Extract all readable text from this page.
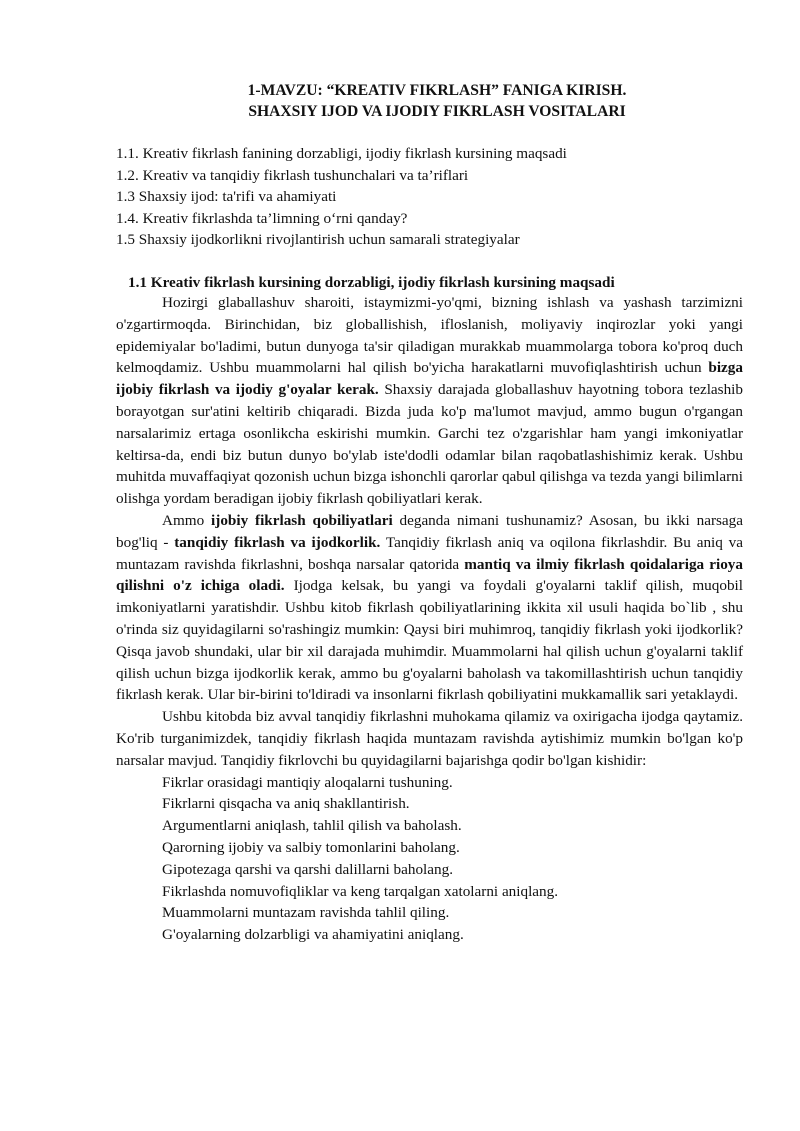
1-MAVZU: “KREATIV FIKRLASH” FANIGA KIRISH.
SHAXSIY IJOD VA IJODIY FIKRLASH VOSITALARI
1.1. Kreativ fikrlash fanining dorzabligi, ijodiy fikrlash kursining maqsadi
1.2. Kreativ va tanqidiy fikrlash tushunchalari va ta’riflari
1.3 Shaxsiy ijod: ta'rifi va ahamiyati
1.4. Kreativ fikrlashda ta’limning o‘rni qanday?
1.5 Shaxsiy ijodkorlikni rivojlantirish uchun samarali strategiyalar
1.1 Kreativ fikrlash kursining dorzabligi, ijodiy fikrlash kursining maqsadi

Hozirgi glaballashuv sharoiti, istaymizmi-yo'qmi, bizning ishlash va yashash tarzimizni o'zgartirmoqda. Birinchidan, biz globallishish, ifloslanish, moliyaviy inqirozlar yoki yangi epidemiyalar bo'ladimi, butun dunyoga ta'sir qiladigan murakkab muammolarga tobora ko'proq duch kelmoqdamiz. Ushbu muammolarni hal qilish bo'yicha harakatlarni muvofiqlashtirish uchun bizga ijobiy fikrlash va ijodiy g'oyalar kerak. Shaxsiy darajada globallashuv hayotning tobora tezlashib borayotgan sur'atini keltirib chiqaradi. Bizda juda ko'p ma'lumot mavjud, ammo bugun o'rgangan narsalarimiz ertaga osonlikcha eskirishi mumkin. Garchi tez o'zgarishlar ham yangi imkoniyatlar keltirsa-da, endi biz butun dunyo bo'ylab iste'dodli odamlar bilan raqobatlashishimiz kerak. Ushbu muhitda muvaffaqiyat qozonish uchun bizga ishonchli qarorlar qabul qilishga va tezda yangi bilimlarni olishga yordam beradigan ijobiy fikrlash qobiliyatlari kerak.

Ammo ijobiy fikrlash qobiliyatlari deganda nimani tushunamiz? Asosan, bu ikki narsaga bog'liq - tanqidiy fikrlash va ijodkorlik. Tanqidiy fikrlash aniq va oqilona fikrlashdir. Bu aniq va muntazam ravishda fikrlashni, boshqa narsalar qatorida mantiq va ilmiy fikrlash qoidalariga rioya qilishni o'z ichiga oladi. Ijodga kelsak, bu yangi va foydali g'oyalarni taklif qilish, muqobil imkoniyatlarni yaratishdir. Ushbu kitob fikrlash qobiliyatlarining ikkita xil usuli haqida bo`lib , shu o'rinda siz quyidagilarni so'rashingiz mumkin: Qaysi biri muhimroq, tanqidiy fikrlash yoki ijodkorlik? Qisqa javob shundaki, ular bir xil darajada muhimdir. Muammolarni hal qilish uchun g'oyalarni taklif qilish uchun bizga ijodkorlik kerak, ammo bu g'oyalarni baholash va takomillashtirish uchun tanqidiy fikrlash kerak. Ular bir-birini to'ldiradi va insonlarni fikrlash qobiliyatini mukkamallik sari yetaklaydi.

Ushbu kitobda biz avval tanqidiy fikrlashni muhokama qilamiz va oxirigacha ijodga qaytamiz. Ko'rib turganimizdek, tanqidiy fikrlash haqida muntazam ravishda aytishimiz mumkin bo'lgan ko'p narsalar mavjud. Tanqidiy fikrlovchi bu quyidagilarni bajarishga qodir bo'lgan kishidir:

Fikrlar orasidagi mantiqiy aloqalarni tushuning.
Fikrlarni qisqacha va aniq shakllantirish.
Argumentlarni aniqlash, tahlil qilish va baholash.
Qarorning ijobiy va salbiy tomonlarini baholang.
Gipotezaga qarshi va qarshi dalillarni baholang.
Fikrlashda nomuvofiqliklar va keng tarqalgan xatolarni aniqlang.
Muammolarni muntazam ravishda tahlil qiling.
G'oyalarning dolzarbligi va ahamiyatini aniqlang.
